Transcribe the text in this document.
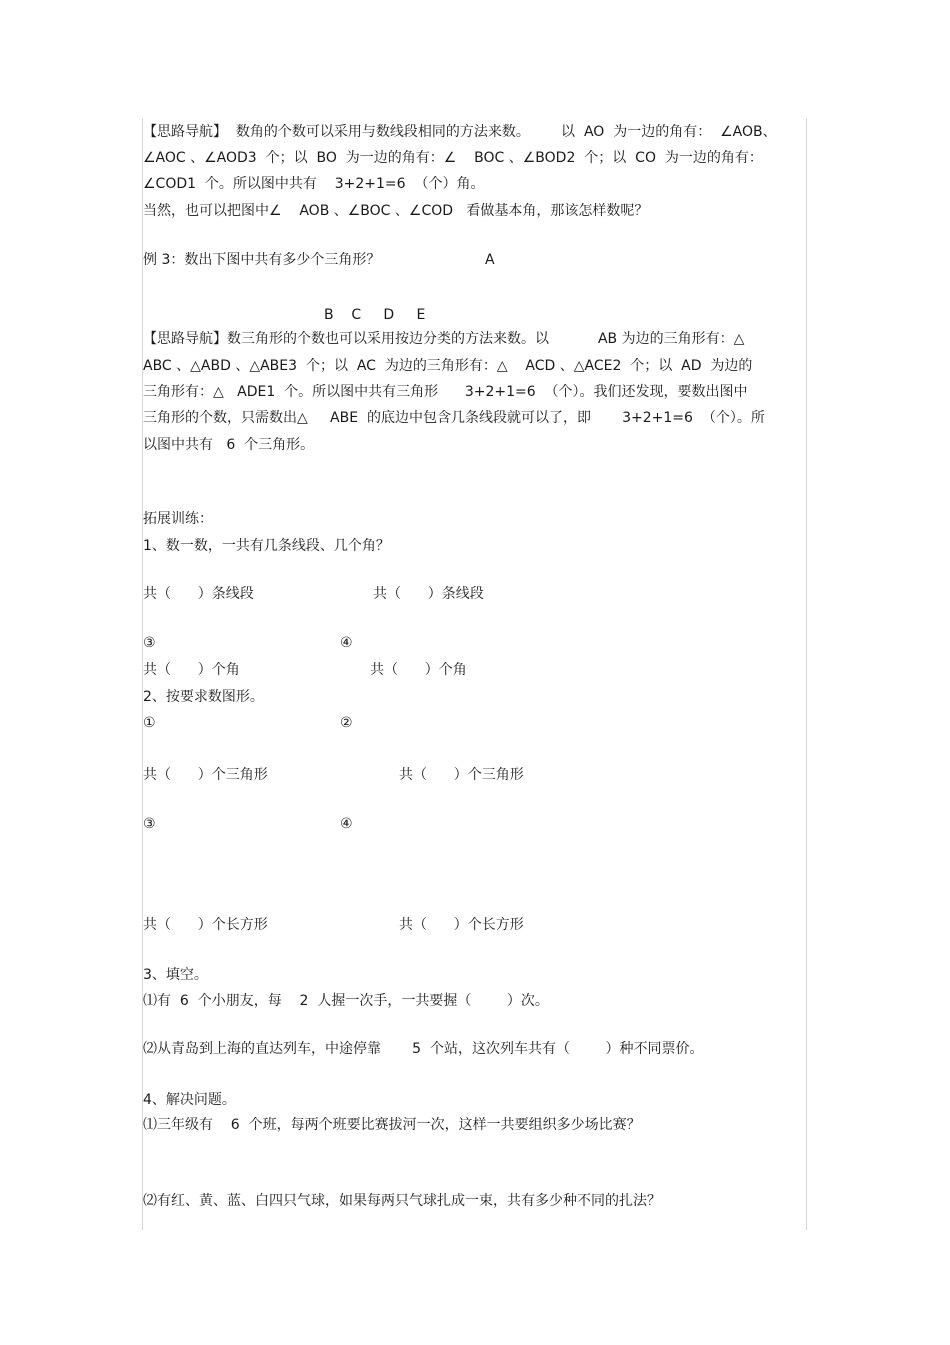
【思路导航】  数角的个数可以采用与数线段相同的方法来数。       以  AO  为一边的角有：  ∠AOB、

∠AOC 、∠AOD3  个；以  BO  为一边的角有：∠    BOC 、∠BOD2  个；以  CO  为一边的角有：

∠COD1  个。所以图中共有    3+2+1=6  （个）角。

当然，也可以把图中∠    AOB 、∠BOC 、∠COD   看做基本角，那该怎样数呢？

例 3：数出下图中共有多少个三角形？	A

B    C     D     E

【思路导航】数三角形的个数也可以采用按边分类的方法来数。以           AB 为边的三角形有：△

ABC 、△ABD 、△ABE3  个；以  AC  为边的三角形有：△    ACD 、△ACE2  个；以  AD  为边的

三角形有：△   ADE1  个。所以图中共有三角形      3+2+1=6  （个）。我们还发现，要数出图中

三角形的个数，只需数出△     ABE  的底边中包含几条线段就可以了，即       3+2+1=6  （个）。所

以图中共有   6  个三角形。

拓展训练：

1、数一数，一共有几条线段、几个角？

共（      ）条线段	共（      ）条线段

③	④

共（      ）个角	共（      ）个角

2、按要求数图形。

①	②

共（      ）个三角形	共（      ）个三角形

③	④

共（      ）个长方形	共（      ）个长方形

3、填空。

⑴有  6  个小朋友，每    2  人握一次手，一共要握（        ）次。

⑵从青岛到上海的直达列车，中途停靠       5  个站，这次列车共有（        ）种不同票价。

4、解决问题。

⑴三年级有    6  个班，每两个班要比赛拔河一次，这样一共要组织多少场比赛？

⑵有红、黄、蓝、白四只气球，如果每两只气球扎成一束，共有多少种不同的扎法？
